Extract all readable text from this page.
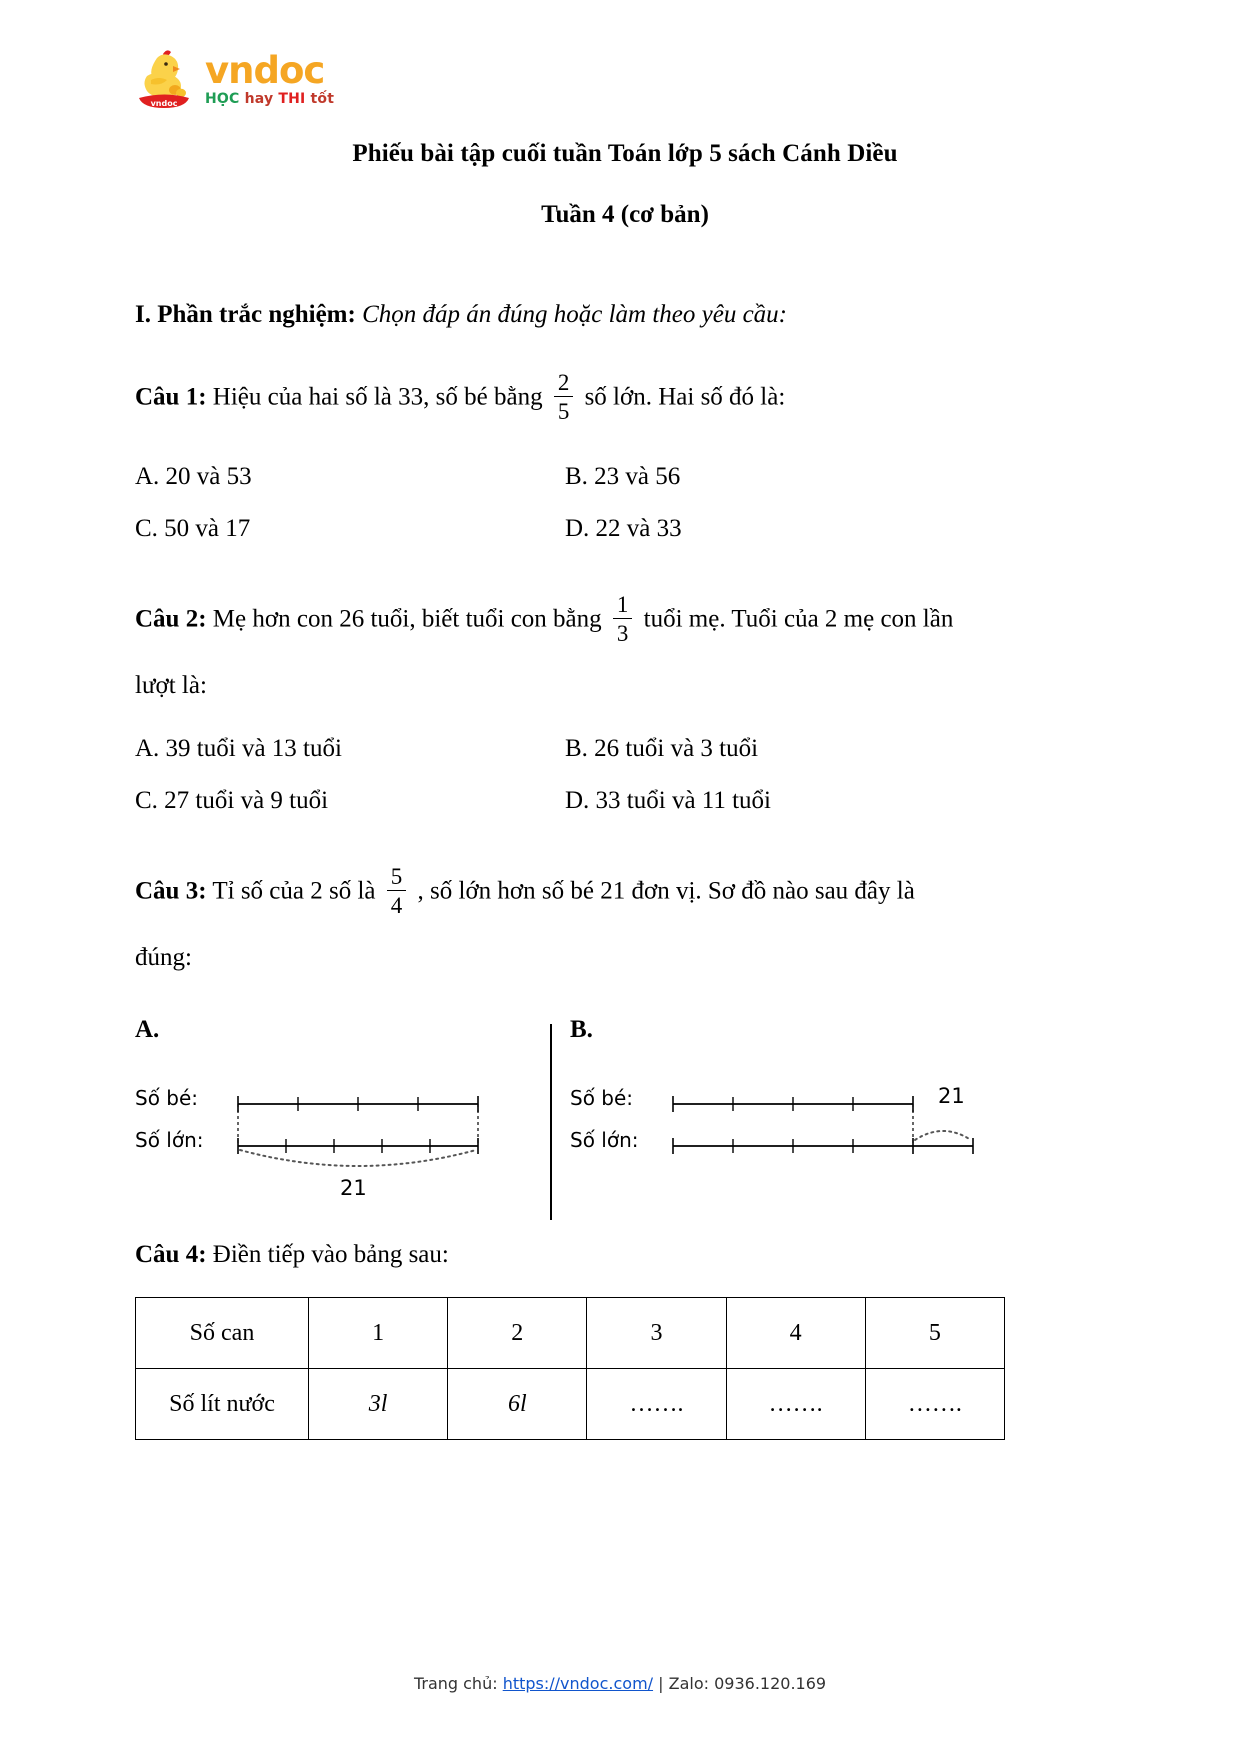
vndoc
vndoc
HỌC hay THI tốt
Phiếu bài tập cuối tuần Toán lớp 5 sách Cánh Diều
Tuần 4 (cơ bản)
I. Phần trắc nghiệm: Chọn đáp án đúng hoặc làm theo yêu cầu:
Câu 1: Hiệu của hai số là 33, số bé bằng $\frac{2}{5}$ số lớn. Hai số đó là:
A. 20 và 53	B. 23 và 56
C. 50 và 17	D. 22 và 33
Câu 2: Mẹ hơn con 26 tuổi, biết tuổi con bằng $\frac{1}{3}$ tuổi mẹ. Tuổi của 2 mẹ con lần
lượt là:
A. 39 tuổi và 13 tuổi	B. 26 tuổi và 3 tuổi
C. 27 tuổi và 9 tuổi	D. 33 tuổi và 11 tuổi
Câu 3: Tỉ số của 2 số là $\frac{5}{4}$ , số lớn hơn số bé 21 đơn vị. Sơ đồ nào sau đây là
đúng:
A.
Số bé:
Số lớn:
21
B.
Số bé:
Số lớn:
21
Câu 4: Điền tiếp vào bảng sau:
Số can	1	2	3	4	5
Số lít nước	3l	6l	…….	…….	…….
Trang chủ: https://vndoc.com/ | Zalo: 0936.120.169
